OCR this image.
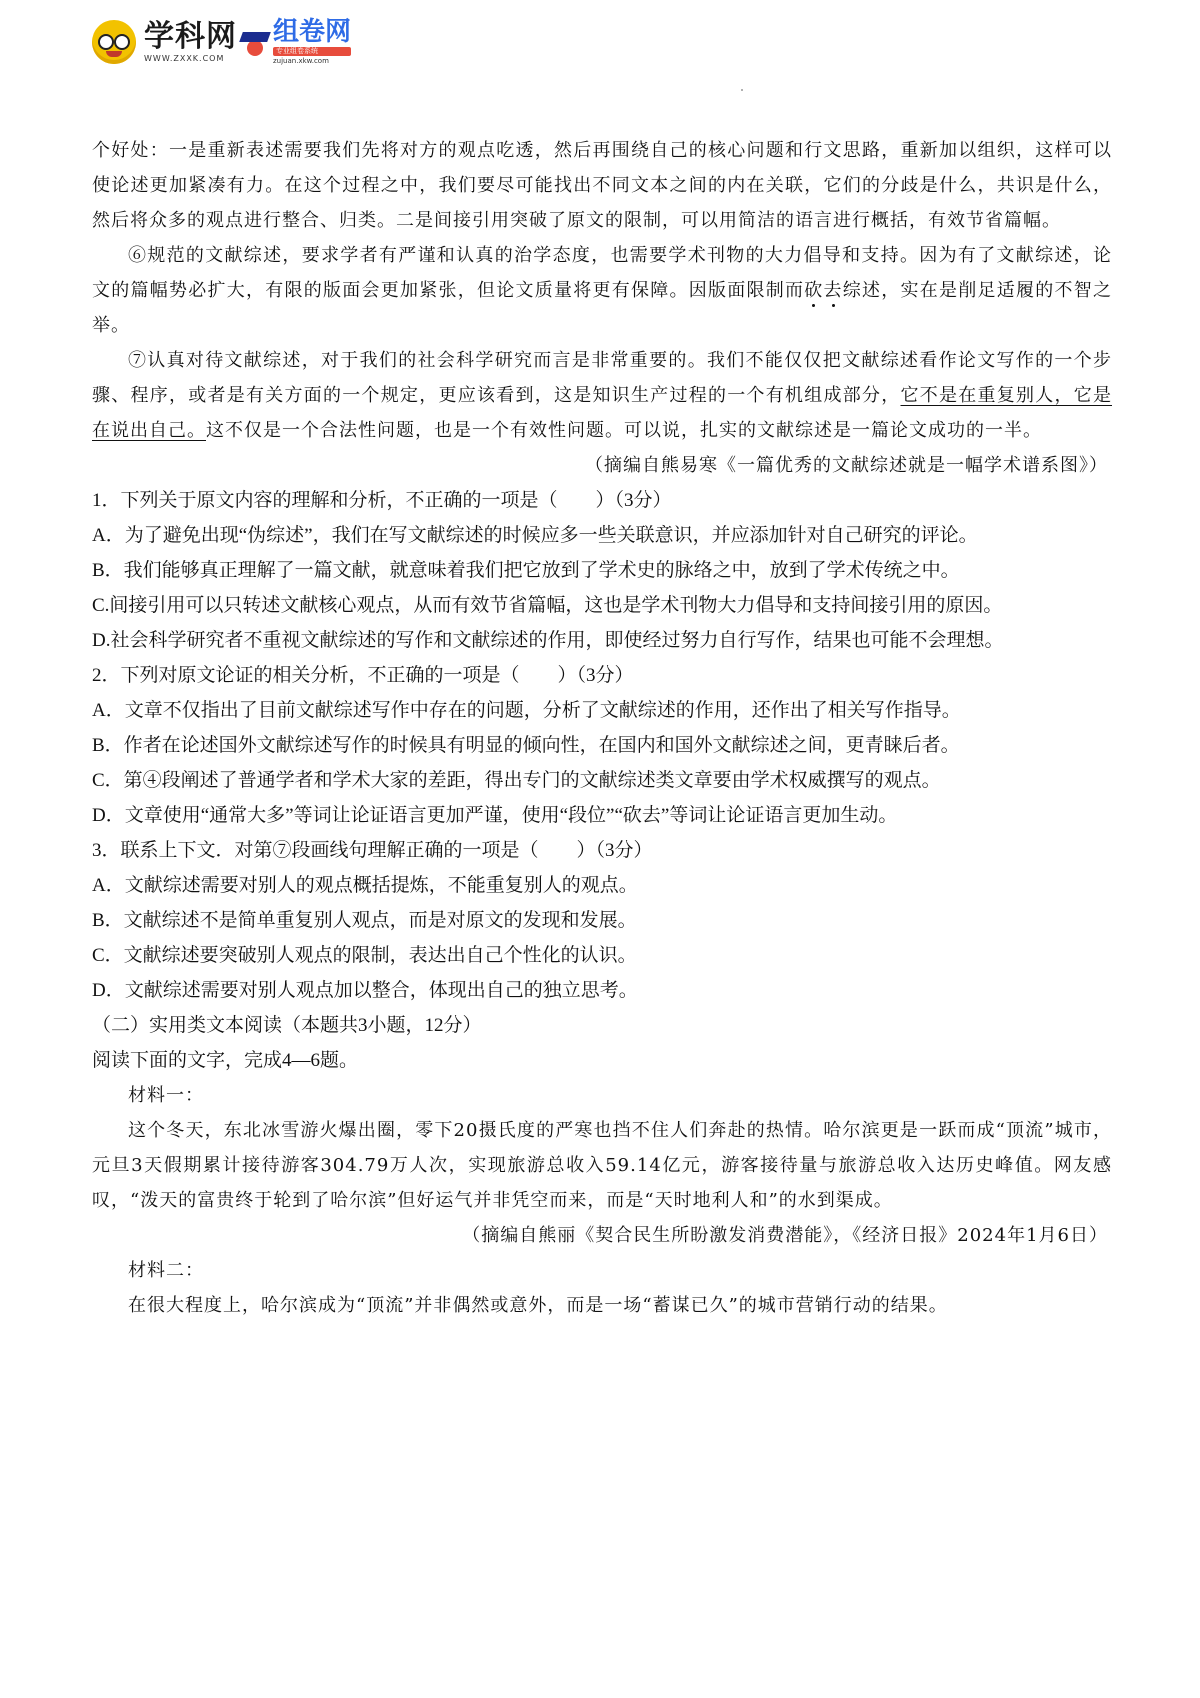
学科网
WWW.ZXXK.COM
组卷网
专业组卷系统
zujuan.xkw.com

个好处：一是重新表述需要我们先将对方的观点吃透，然后再围绕自己的核心问题和行文思路，重新加以组织，这样可以使论述更加紧凑有力。在这个过程之中，我们要尽可能找出不同文本之间的内在关联，它们的分歧是什么，共识是什么，然后将众多的观点进行整合、归类。二是间接引用突破了原文的限制，可以用简洁的语言进行概括，有效节省篇幅。

⑥规范的文献综述，要求学者有严谨和认真的治学态度，也需要学术刊物的大力倡导和支持。因为有了文献综述，论文的篇幅势必扩大，有限的版面会更加紧张，但论文质量将更有保障。因版面限制而砍去综述，实在是削足适履的不智之举。

⑦认真对待文献综述，对于我们的社会科学研究而言是非常重要的。我们不能仅仅把文献综述看作论文写作的一个步骤、程序，或者是有关方面的一个规定，更应该看到，这是知识生产过程的一个有机组成部分，它不是在重复别人，它是在说出自己。这不仅是一个合法性问题，也是一个有效性问题。可以说，扎实的文献综述是一篇论文成功的一半。

（摘编自熊易寒《一篇优秀的文献综述就是一幅学术谱系图》）

1．下列关于原文内容的理解和分析，不正确的一项是（　　）（3分）

A．为了避免出现“伪综述”，我们在写文献综述的时候应多一些关联意识，并应添加针对自己研究的评论。

B．我们能够真正理解了一篇文献，就意味着我们把它放到了学术史的脉络之中，放到了学术传统之中。

C.间接引用可以只转述文献核心观点，从而有效节省篇幅，这也是学术刊物大力倡导和支持间接引用的原因。

D.社会科学研究者不重视文献综述的写作和文献综述的作用，即使经过努力自行写作，结果也可能不会理想。

2．下列对原文论证的相关分析，不正确的一项是（　　）（3分）

A．文章不仅指出了目前文献综述写作中存在的问题，分析了文献综述的作用，还作出了相关写作指导。

B．作者在论述国外文献综述写作的时候具有明显的倾向性，在国内和国外文献综述之间，更青睐后者。

C．第④段阐述了普通学者和学术大家的差距，得出专门的文献综述类文章要由学术权威撰写的观点。

D．文章使用“通常大多”等词让论证语言更加严谨，使用“段位”“砍去”等词让论证语言更加生动。

3．联系上下文．对第⑦段画线句理解正确的一项是（　　）（3分）

A．文献综述需要对别人的观点概括提炼，不能重复别人的观点。

B．文献综述不是简单重复别人观点，而是对原文的发现和发展。

C．文献综述要突破别人观点的限制，表达出自己个性化的认识。

D．文献综述需要对别人观点加以整合，体现出自己的独立思考。

（二）实用类文本阅读（本题共3小题，12分）

阅读下面的文字，完成4—6题。

材料一：

这个冬天，东北冰雪游火爆出圈，零下20摄氏度的严寒也挡不住人们奔赴的热情。哈尔滨更是一跃而成“顶流”城市，元旦3天假期累计接待游客304.79万人次，实现旅游总收入59.14亿元，游客接待量与旅游总收入达历史峰值。网友感叹，“泼天的富贵终于轮到了哈尔滨”但好运气并非凭空而来，而是“天时地利人和”的水到渠成。

（摘编自熊丽《契合民生所盼激发消费潜能》，《经济日报》2024年1月6日）

材料二：

在很大程度上，哈尔滨成为“顶流”并非偶然或意外，而是一场“蓄谋已久”的城市营销行动的结果。
